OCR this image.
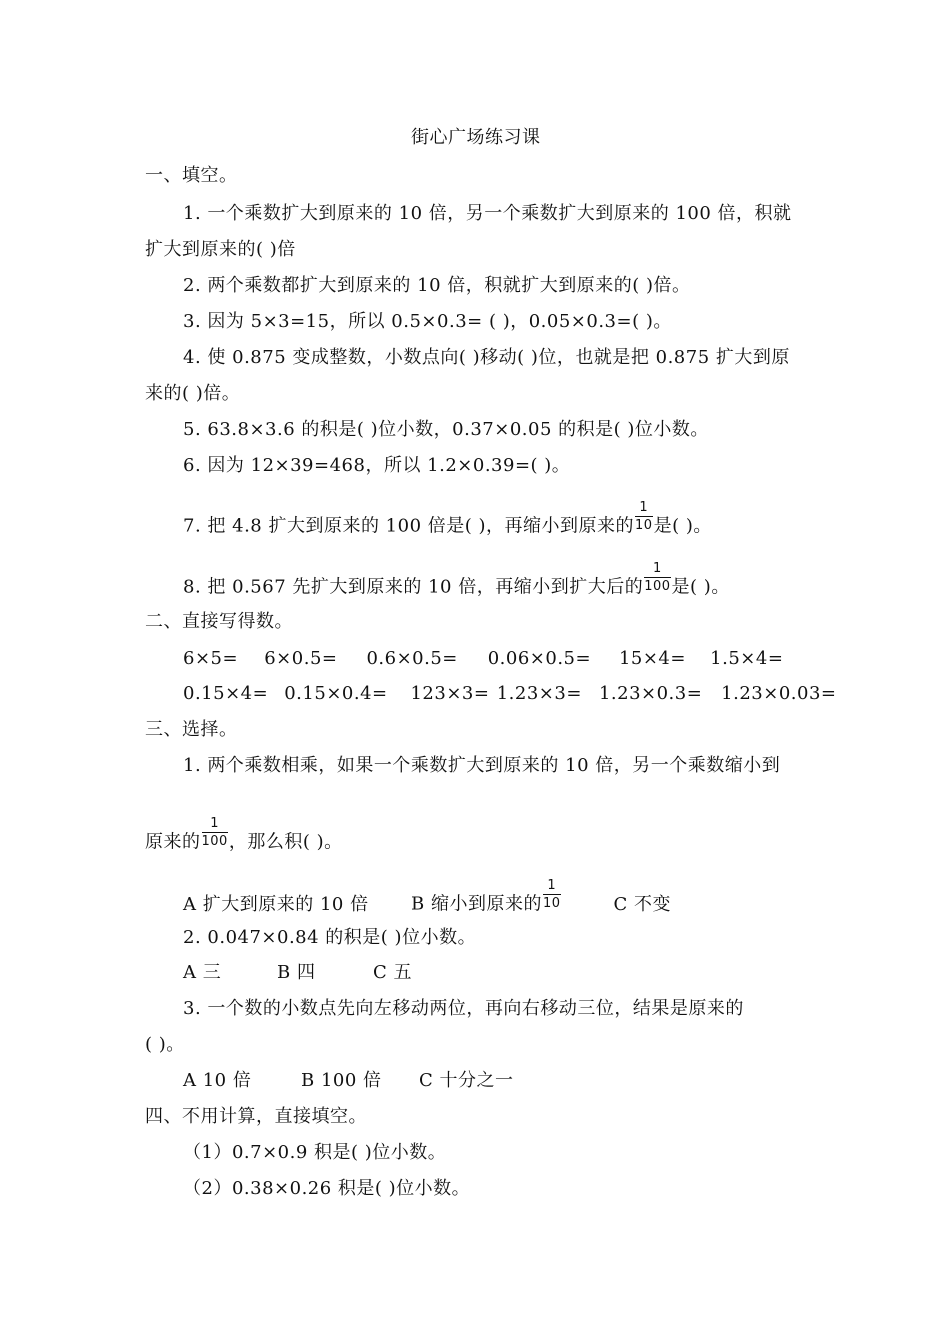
街心广场练习课
一、填空。
1. 一个乘数扩大到原来的 10 倍，另一个乘数扩大到原来的 100 倍，积就
扩大到原来的( )倍
2. 两个乘数都扩大到原来的 10 倍，积就扩大到原来的( )倍。
3. 因为 5×3=15，所以 0.5×0.3= ( )，0.05×0.3=( )。
4. 使 0.875 变成整数，小数点向( )移动( )位，也就是把 0.875 扩大到原
来的( )倍。
5. 63.8×3.6 的积是( )位小数，0.37×0.05 的积是( )位小数。
6. 因为 12×39=468，所以 1.2×0.39=( )。
7. 把 4.8 扩大到原来的 100 倍是( )，再缩小到原来的 $\frac{1}{10}$ 是( )。
8. 把 0.567 先扩大到原来的 10 倍，再缩小到扩大后的 $\frac{1}{100}$ 是( )。
二、直接写得数。
6×5= 6×0.5= 0.6×0.5= 0.06×0.5= 15×4= 1.5×4=
0.15×4= 0.15×0.4= 123×3= 1.23×3= 1.23×0.3= 1.23×0.03=
三、选择。
1. 两个乘数相乘，如果一个乘数扩大到原来的 10 倍，另一个乘数缩小到
原来的 $\frac{1}{100}$ ，那么积( )。
A 扩大到原来的 10 倍 B 缩小到原来的 $\frac{1}{10}$	C 不变
2. 0.047×0.84 的积是( )位小数。
A 三	B 四	C 五
3. 一个数的小数点先向左移动两位，再向右移动三位，结果是原来的
( )。
A 10 倍	B 100 倍 C 十分之一
四、不用计算，直接填空。
（1）0.7×0.9 积是( )位小数。
（2）0.38×0.26 积是( )位小数。
